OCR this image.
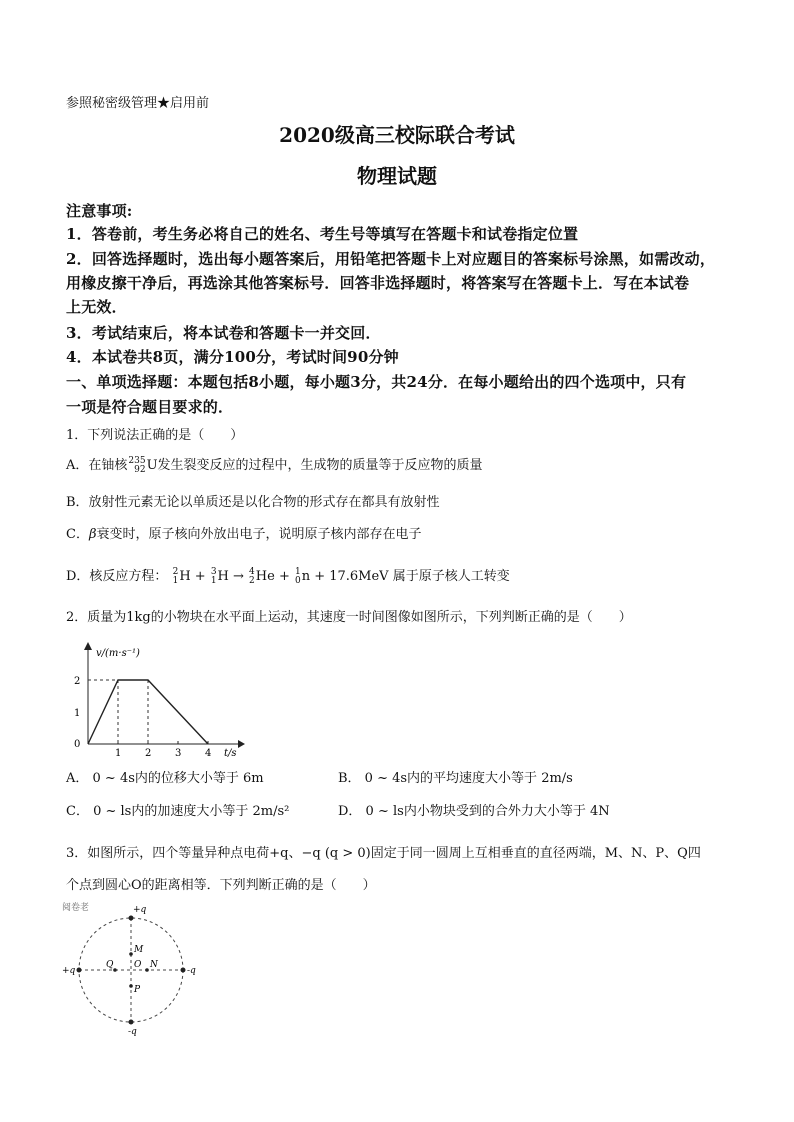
参照秘密级管理★启用前
2020级高三校际联合考试
物理试题
注意事项:
1．答卷前，考生务必将自己的姓名、考生号等填写在答题卡和试卷指定位置
2．回答选择题时，选出每小题答案后，用铅笔把答题卡上对应题目的答案标号涂黑，如需改动，
用橡皮擦干净后，再选涂其他答案标号．回答非选择题时，将答案写在答题卡上．写在本试卷
上无效．
3．考试结束后，将本试卷和答题卡一并交回．
4．本试卷共8页，满分100分，考试时间90分钟
一、单项选择题：本题包括8小题，每小题3分，共24分．在每小题给出的四个选项中，只有
一项是符合题目要求的．
1．下列说法正确的是（　　）
A．在铀核 235
92 U发生裂变反应的过程中，生成物的质量等于反应物的质量
B．放射性元素无论以单质还是以化合物的形式存在都具有放射性
C．β衰变时，原子核向外放出电子，说明原子核内部存在电子
D．核反应方程： 2
1 H + 3
1 H → 4
2 He + 1
0 n + 17.6MeV 属于原子核人工转变
2．质量为1kg的小物块在水平面上运动，其速度一时间图像如图所示，下列判断正确的是（　　）
v/(m·s⁻¹)
t/s
0
1 2 3 4
1
2
A． 0 ~ 4s内的位移大小等于 6m	B． 0 ~ 4s内的平均速度大小等于 2m/s
C． 0 ~ ls内的加速度大小等于 2m/s²	D． 0 ~ ls内小物块受到的合外力大小等于 4N
3．如图所示，四个等量异种点电荷+q、−q (q > 0)固定于同一圆周上互相垂直的直径两端，M、N、P、Q四
个点到圆心O的距离相等．下列判断正确的是（　　）
阅卷老	+q
-q
-q
+q
M
N
P
Q O
